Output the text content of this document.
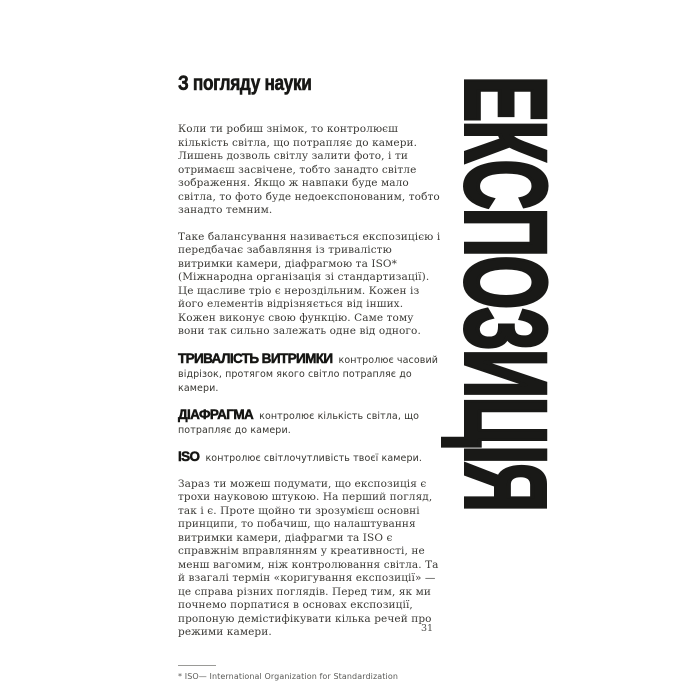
З погляду науки

Коли ти робиш знімок, то контролюєш кількість світла, що потрапляє до камери. Лишень дозволь світлу залити фото, і ти отримаєш засвічене, тобто занадто світле зображення. Якщо ж навпаки буде мало світла, то фото буде недоекспонованим, тобто занадто темним.

Таке балансування називається експозицією і передбачає забавляння із тривалістю витримки камери, діафрагмою та ISO* (Міжнародна організація зі стандартизації). Це щасливе тріо є нероздільним. Кожен із його елементів відрізняється від інших. Кожен виконує свою функцію. Саме тому вони так сильно залежать одне від одного.

ТРИВАЛІСТЬ ВИТРИМКИ контролює часовий відрізок, протягом якого світло потрапляє до камери.
ДІАФРАГМА контролює кількість світла, що потрапляє до камери.
ISO контролює світлочутливість твоєї камери.

Зараз ти можеш подумати, що експозиція є трохи науковою штукою. На перший погляд, так і є. Проте щойно ти зрозумієш основні принципи, то побачиш, що налаштування витримки камери, діафрагми та ISO є справжнім вправлянням у креативності, не менш вагомим, ніж контролювання світла. Та й взагалі термін «коригування експозиції» — це справа різних поглядів. Перед тим, як ми почнемо порпатися в основах експозиції, пропоную демістифікувати кілька речей про режими камери.

* ISO— International Organization for Standardization
ЕКСПОЗИЦІЯ
31
